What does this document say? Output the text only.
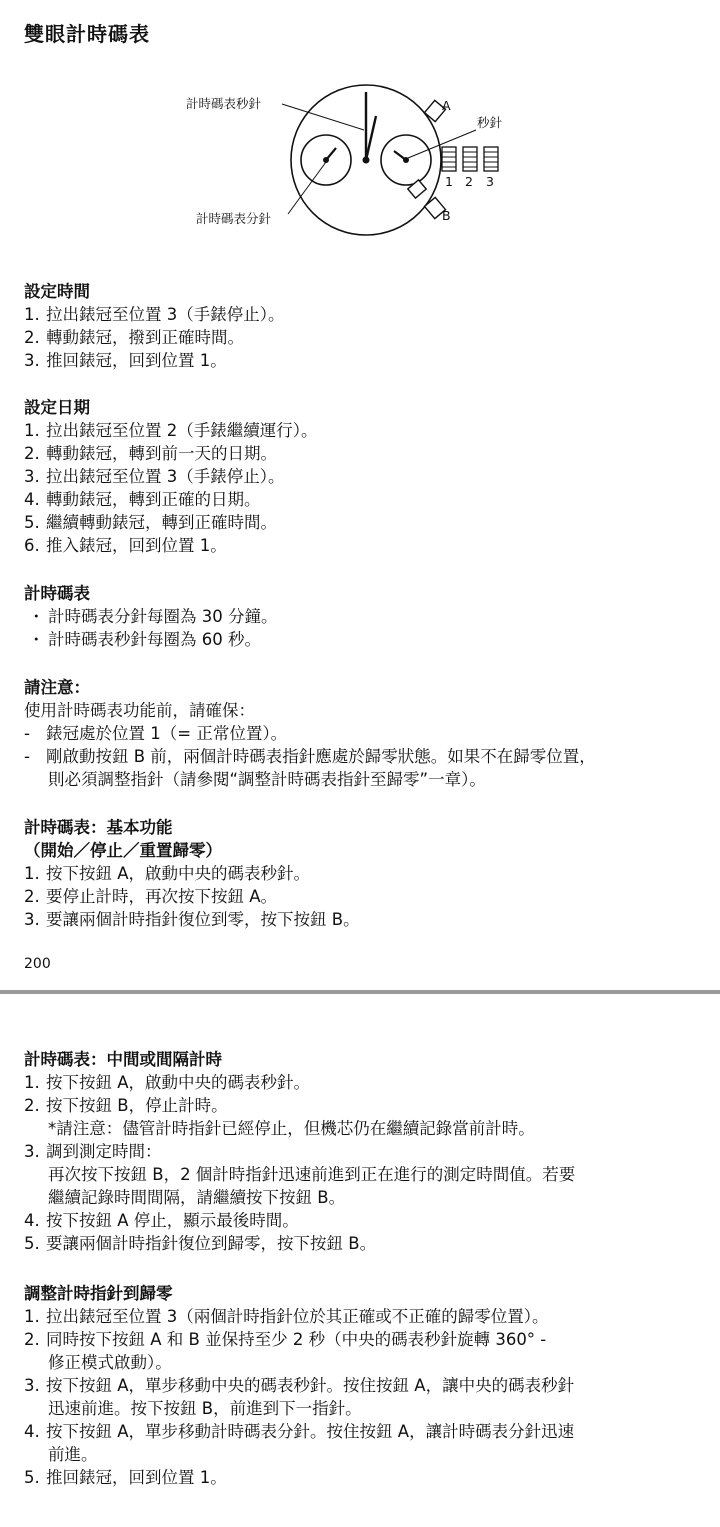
雙眼計時碼表
計時碼表秒針
計時碼表分針
秒針
A
B
1 2 3
設定時間
1. 拉出錶冠至位置 3（手錶停止）。
2. 轉動錶冠，撥到正確時間。
3. 推回錶冠，回到位置 1。
設定日期
1. 拉出錶冠至位置 2（手錶繼續運行）。
2. 轉動錶冠，轉到前一天的日期。
3. 拉出錶冠至位置 3（手錶停止）。
4. 轉動錶冠，轉到正確的日期。
5. 繼續轉動錶冠，轉到正確時間。
6. 推入錶冠，回到位置 1。
計時碼表
・ 計時碼表分針每圈為 30 分鐘。
・ 計時碼表秒針每圈為 60 秒。
請注意：
使用計時碼表功能前，請確保：
- 錶冠處於位置 1（= 正常位置）。
- 剛啟動按鈕 B 前，兩個計時碼表指針應處於歸零狀態。如果不在歸零位置，
則必須調整指針（請參閱“調整計時碼表指針至歸零”一章）。
計時碼表：基本功能
（開始／停止／重置歸零）
1. 按下按鈕 A，啟動中央的碼表秒針。
2. 要停止計時，再次按下按鈕 A。
3. 要讓兩個計時指針復位到零，按下按鈕 B。
200
計時碼表：中間或間隔計時
1. 按下按鈕 A，啟動中央的碼表秒針。
2. 按下按鈕 B，停止計時。
*請注意：儘管計時指針已經停止，但機芯仍在繼續記錄當前計時。
3. 調到測定時間：
再次按下按鈕 B，2 個計時指針迅速前進到正在進行的測定時間值。若要
繼續記錄時間間隔，請繼續按下按鈕 B。
4. 按下按鈕 A 停止，顯示最後時間。
5. 要讓兩個計時指針復位到歸零，按下按鈕 B。
調整計時指針到歸零
1. 拉出錶冠至位置 3（兩個計時指針位於其正確或不正確的歸零位置）。
2. 同時按下按鈕 A 和 B 並保持至少 2 秒（中央的碼表秒針旋轉 360° -
修正模式啟動）。
3. 按下按鈕 A，單步移動中央的碼表秒針。按住按鈕 A，讓中央的碼表秒針
迅速前進。按下按鈕 B，前進到下一指針。
4. 按下按鈕 A，單步移動計時碼表分針。按住按鈕 A，讓計時碼表分針迅速
前進。
5. 推回錶冠，回到位置 1。
